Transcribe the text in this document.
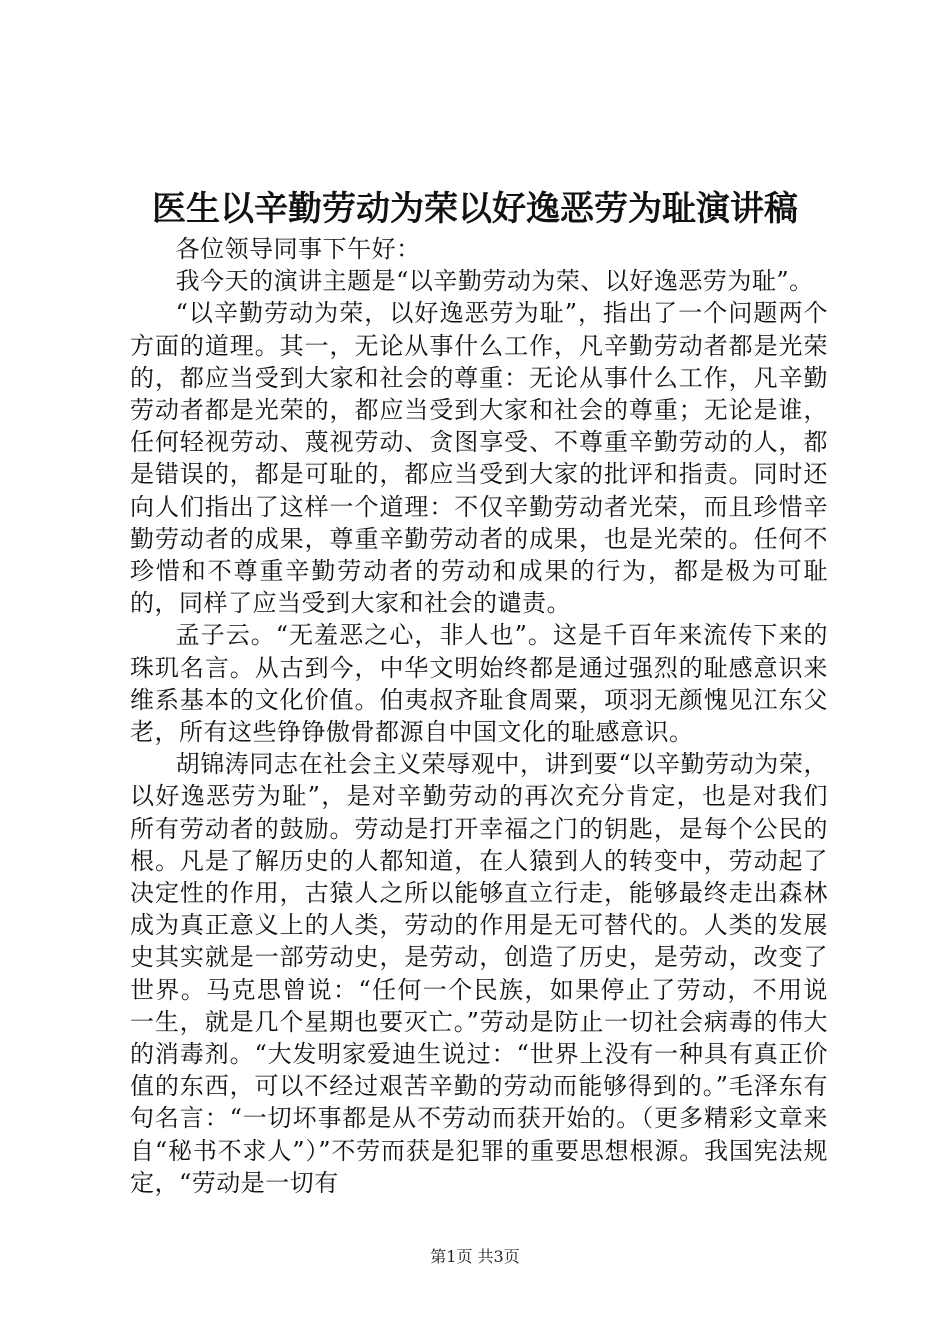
医生以辛勤劳动为荣以好逸恶劳为耻演讲稿

各位领导同事下午好：

我今天的演讲主题是“以辛勤劳动为荣、以好逸恶劳为耻”。

“以辛勤劳动为荣，以好逸恶劳为耻”，指出了一个问题两个方面的道理。其一，无论从事什么工作，凡辛勤劳动者都是光荣的，都应当受到大家和社会的尊重：无论从事什么工作，凡辛勤劳动者都是光荣的，都应当受到大家和社会的尊重；无论是谁，任何轻视劳动、蔑视劳动、贪图享受、不尊重辛勤劳动的人，都是错误的，都是可耻的，都应当受到大家的批评和指责。同时还向人们指出了这样一个道理：不仅辛勤劳动者光荣，而且珍惜辛勤劳动者的成果，尊重辛勤劳动者的成果，也是光荣的。任何不珍惜和不尊重辛勤劳动者的劳动和成果的行为，都是极为可耻的，同样了应当受到大家和社会的谴责。

孟子云。“无羞恶之心，非人也”。这是千百年来流传下来的珠玑名言。从古到今，中华文明始终都是通过强烈的耻感意识来维系基本的文化价值。伯夷叔齐耻食周粟，项羽无颜愧见江东父老，所有这些铮铮傲骨都源自中国文化的耻感意识。

胡锦涛同志在社会主义荣辱观中，讲到要“以辛勤劳动为荣，以好逸恶劳为耻”，是对辛勤劳动的再次充分肯定，也是对我们所有劳动者的鼓励。劳动是打开幸福之门的钥匙，是每个公民的根。凡是了解历史的人都知道，在人猿到人的转变中，劳动起了决定性的作用，古猿人之所以能够直立行走，能够最终走出森林成为真正意义上的人类，劳动的作用是无可替代的。人类的发展史其实就是一部劳动史，是劳动，创造了历史，是劳动，改变了世界。马克思曾说：“任何一个民族，如果停止了劳动，不用说一生，就是几个星期也要灭亡。”劳动是防止一切社会病毒的伟大的消毒剂。“大发明家爱迪生说过：“世界上没有一种具有真正价值的东西，可以不经过艰苦辛勤的劳动而能够得到的。”毛泽东有句名言：“一切坏事都是从不劳动而获开始的。（更多精彩文章来自“秘书不求人”）”不劳而获是犯罪的重要思想根源。我国宪法规定，“劳动是一切有

第1页 共3页
